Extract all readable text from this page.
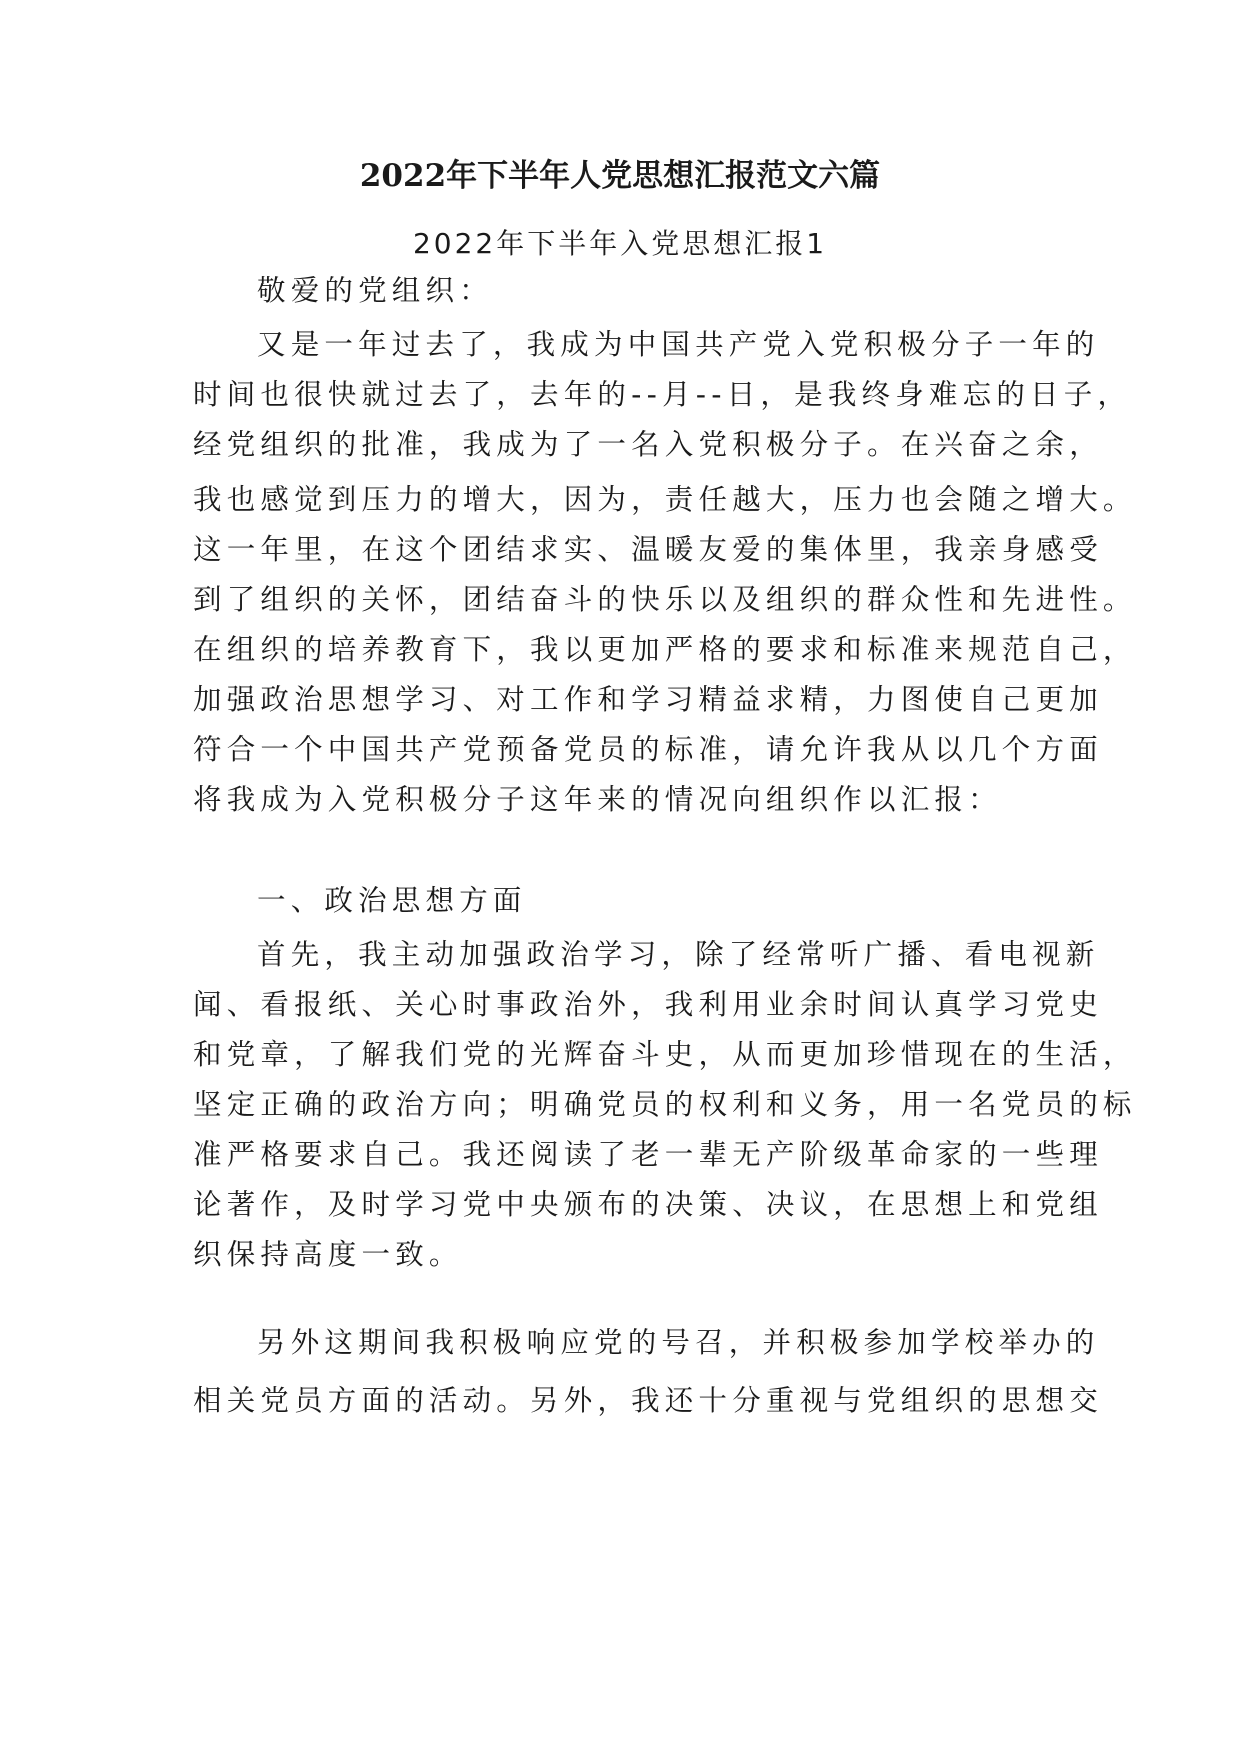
2022年下半年人党思想汇报范文六篇
2022年下半年入党思想汇报1
敬爱的党组织：
又是一年过去了，我成为中国共产党入党积极分子一年的
时间也很快就过去了，去年的--月--日，是我终身难忘的日子，
经党组织的批准，我成为了一名入党积极分子。在兴奋之余，
我也感觉到压力的增大，因为，责任越大，压力也会随之增大。
这一年里，在这个团结求实、温暖友爱的集体里，我亲身感受
到了组织的关怀，团结奋斗的快乐以及组织的群众性和先进性。
在组织的培养教育下，我以更加严格的要求和标准来规范自己，
加强政治思想学习、对工作和学习精益求精，力图使自己更加
符合一个中国共产党预备党员的标准，请允许我从以几个方面
将我成为入党积极分子这年来的情况向组织作以汇报：
一、政治思想方面
首先，我主动加强政治学习，除了经常听广播、看电视新
闻、看报纸、关心时事政治外，我利用业余时间认真学习党史
和党章，了解我们党的光辉奋斗史，从而更加珍惜现在的生活，
坚定正确的政治方向；明确党员的权利和义务，用一名党员的标
准严格要求自己。我还阅读了老一辈无产阶级革命家的一些理
论著作，及时学习党中央颁布的决策、决议，在思想上和党组
织保持高度一致。
另外这期间我积极响应党的号召，并积极参加学校举办的
相关党员方面的活动。另外，我还十分重视与党组织的思想交
